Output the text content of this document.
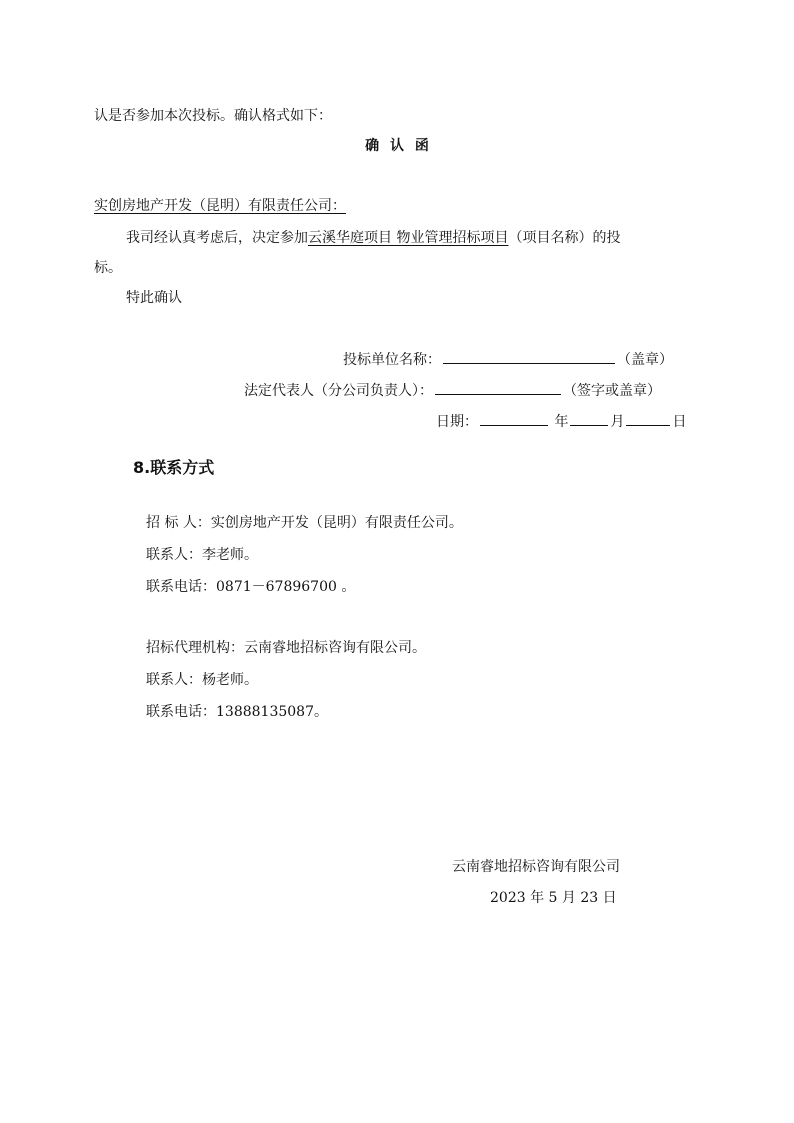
认是否参加本次投标。确认格式如下：
确 认 函
实创房地产开发（昆明）有限责任公司：
我司经认真考虑后，决定参加云溪华庭项目 物业管理招标项目（项目名称）的投
标。
特此确认
投标单位名称：	（盖章）
法定代表人（分公司负责人）：	（签字或盖章）
日期：	年	月	日
8.联系方式
招 标 人：实创房地产开发（昆明）有限责任公司。
联系人：李老师。
联系电话：0871－67896700 。
招标代理机构：云南睿地招标咨询有限公司。
联系人：杨老师。
联系电话：13888135087。
云南睿地招标咨询有限公司
2023 年 5 月 23 日
